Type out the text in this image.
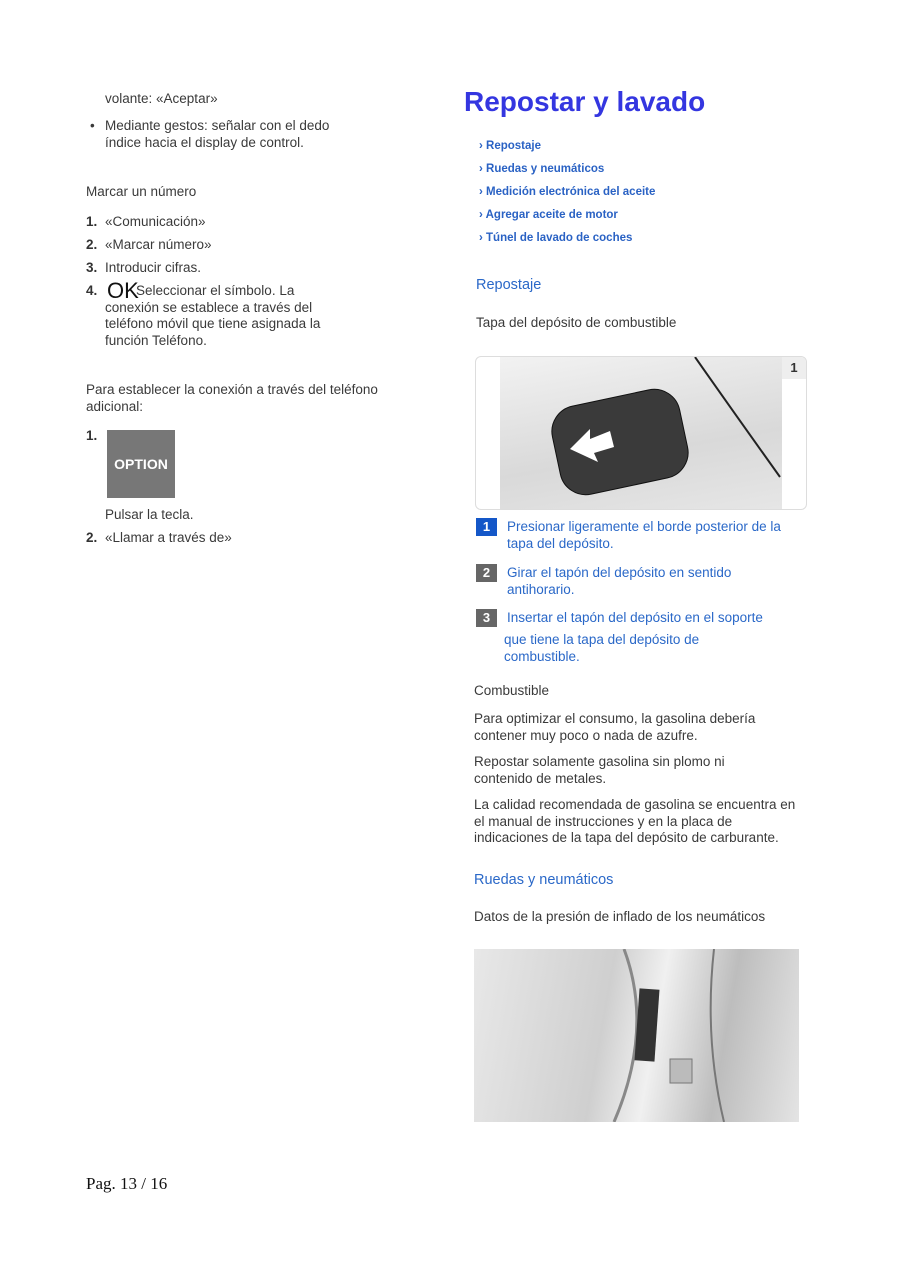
volante: «Aceptar»
• Mediante gestos: señalar con el dedo índice hacia el display de control.
Marcar un número
1. «Comunicación»
2. «Marcar número»
3. Introducir cifras.
4.	Seleccionar el símbolo. La conexión se establece a través del teléfono móvil que tiene asignada la función Teléfono.
OK
Para establecer la conexión a través del teléfono adicional:
1.
OPTION
Pulsar la tecla.
2. «Llamar a través de»
Repostar y lavado
› Repostaje
› Ruedas y neumáticos
› Medición electrónica del aceite
› Agregar aceite de motor
› Túnel de lavado de coches
Repostaje
Tapa del depósito de combustible
1
1	Presionar ligeramente el borde posterior de la tapa del depósito.
2	Girar el tapón del depósito en sentido antihorario.
3	Insertar el tapón del depósito en el soporte
que tiene la tapa del depósito de combustible.
Combustible
Para optimizar el consumo, la gasolina debería contener muy poco o nada de azufre.
Repostar solamente gasolina sin plomo ni contenido de metales.
La calidad recomendada de gasolina se encuentra en el manual de instrucciones y en la placa de indicaciones de la tapa del depósito de carburante.
Ruedas y neumáticos
Datos de la presión de inflado de los neumáticos
Pag. 13 / 16
